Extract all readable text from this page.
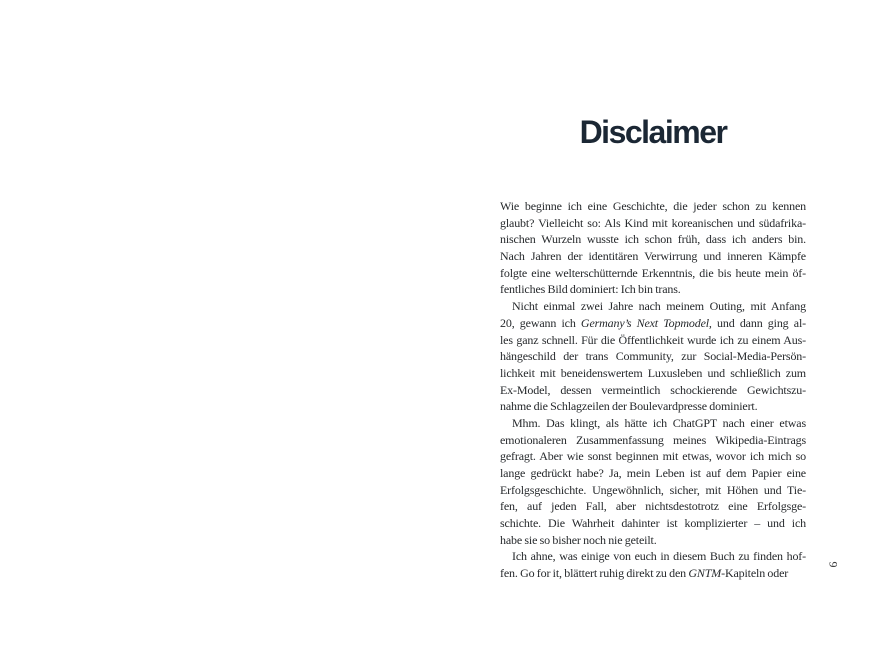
Disclaimer
Wie beginne ich eine Geschichte, die jeder schon zu kennen
glaubt? Vielleicht so: Als Kind mit koreanischen und südafrika-
nischen Wurzeln wusste ich schon früh, dass ich anders bin.
Nach Jahren der identitären Verwirrung und inneren Kämpfe
folgte eine welterschütternde Erkenntnis, die bis heute mein öf-
fentliches Bild dominiert: Ich bin trans.
Nicht einmal zwei Jahre nach meinem Outing, mit Anfang
20, gewann ich Germany’s Next Topmodel, und dann ging al-
les ganz schnell. Für die Öffentlichkeit wurde ich zu einem Aus-
hängeschild der trans Community, zur Social-Media-Persön-
lichkeit mit beneidenswertem Luxusleben und schließlich zum
Ex-Model, dessen vermeintlich schockierende Gewichtszu-
nahme die Schlagzeilen der Boulevardpresse dominiert.
Mhm. Das klingt, als hätte ich ChatGPT nach einer etwas
emotionaleren Zusammenfassung meines Wikipedia-Eintrags
gefragt. Aber wie sonst beginnen mit etwas, wovor ich mich so
lange gedrückt habe? Ja, mein Leben ist auf dem Papier eine
Erfolgsgeschichte. Ungewöhnlich, sicher, mit Höhen und Tie-
fen, auf jeden Fall, aber nichtsdestotrotz eine Erfolgsge-
schichte. Die Wahrheit dahinter ist komplizierter – und ich
habe sie so bisher noch nie geteilt.
Ich ahne, was einige von euch in diesem Buch zu finden hof-
fen. Go for it, blättert ruhig direkt zu den GNTM-Kapiteln oder
9
